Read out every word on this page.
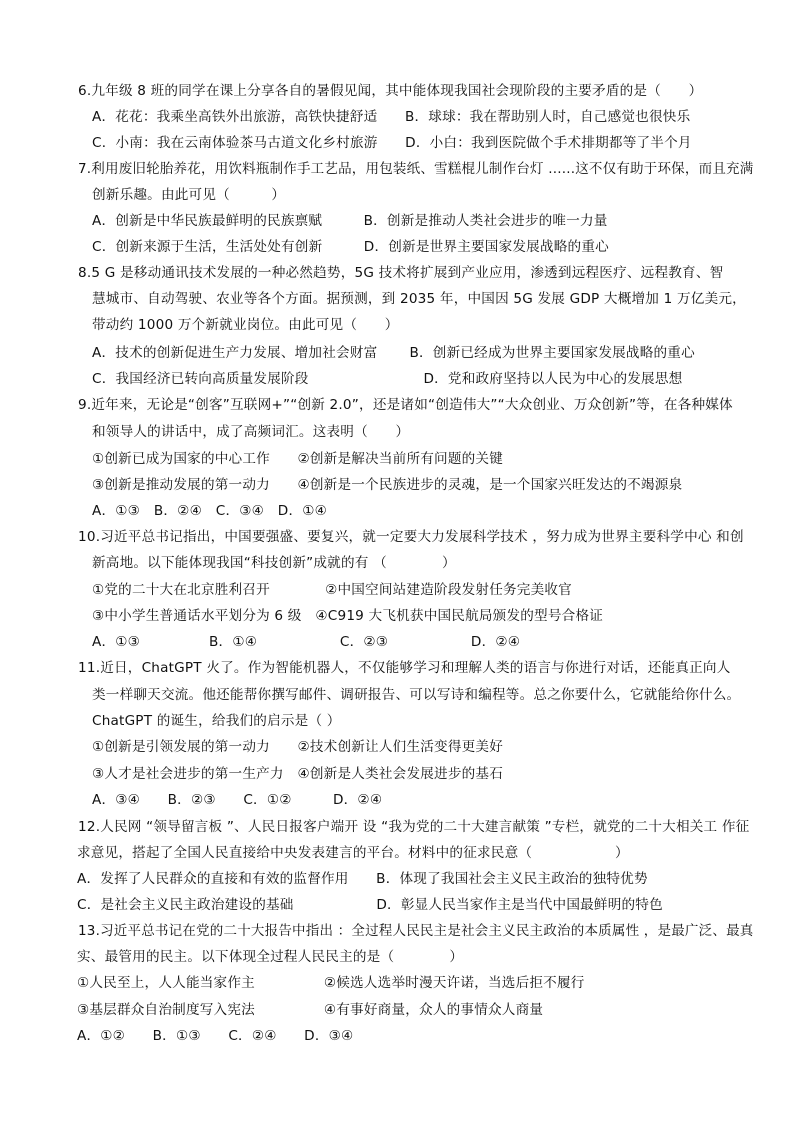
6.九年级 8 班的同学在课上分享各自的暑假见闻，其中能体现我国社会现阶段的主要矛盾的是（　　）
A．花花：我乘坐高铁外出旅游，高铁快捷舒适　　B．球球：我在帮助别人时，自己感觉也很快乐
C．小南：我在云南体验茶马古道文化乡村旅游　　D．小白：我到医院做个手术排期都等了半个月
7.利用废旧轮胎养花，用饮料瓶制作手工艺品，用包装纸、雪糕棍儿制作台灯 ......这不仅有助于环保，而且充满
创新乐趣。由此可见（　　　）
A．创新是中华民族最鲜明的民族禀赋　　　B．创新是推动人类社会进步的唯一力量
C．创新来源于生活，生活处处有创新　　　D．创新是世界主要国家发展战略的重心
8.5 G 是移动通讯技术发展的一种必然趋势，5G 技术将扩展到产业应用，渗透到远程医疗、远程教育、智
慧城市、自动驾驶、农业等各个方面。据预测，到 2035 年，中国因 5G 发展 GDP 大概增加 1 万亿美元，
带动约 1000 万个新就业岗位。由此可见（　　）
A．技术的创新促进生产力发展、增加社会财富　　 B．创新已经成为世界主要国家发展战略的重心
C．我国经济已转向高质量发展阶段　　　　　　　　 D．党和政府坚持以人民为中心的发展思想
9.近年来，无论是“创客”互联网+”“创新 2.0”，还是诸如“创造伟大”“大众创业、万众创新”等，在各种媒体
和领导人的讲话中，成了高频词汇。这表明（　　）
①创新已成为国家的中心工作　　②创新是解决当前所有问题的关键
③创新是推动发展的第一动力　　④创新是一个民族进步的灵魂，是一个国家兴旺发达的不竭源泉
A．①③　B．②④　C．③④　D．①④
10.习近平总书记指出，中国要强盛、要复兴，就一定要大力发展科学技术 ，努力成为世界主要科学中心 和创
新高地。以下能体现我国“科技创新”成就的有 （　　　　）
①党的二十大在北京胜利召开　　　　②中国空间站建造阶段发射任务完美收官
③中小学生普通话水平划分为 6 级　④C919 大飞机获中国民航局颁发的型号合格证
A．①③　　　　　B．①④　　　　　　C．②③　　　　　　D．②④
11.近日，ChatGPT 火了。作为智能机器人，不仅能够学习和理解人类的语言与你进行对话，还能真正向人
类一样聊天交流。他还能帮你撰写邮件、调研报告、可以写诗和编程等。总之你要什么，它就能给你什么。
ChatGPT 的诞生，给我们的启示是（ ）
①创新是引领发展的第一动力　　②技术创新让人们生活变得更美好
③人才是社会进步的第一生产力　④创新是人类社会发展进步的基石
A．③④　　B．②③　　C．①②　　　D．②④
12.人民网 “领导留言板 ”、人民日报客户端开 设 “我为党的二十大建言献策 ”专栏，就党的二十大相关工 作征
求意见，搭起了全国人民直接给中央发表建言的平台。材料中的征求民意（　　　　　　）
A．发挥了人民群众的直接和有效的监督作用　　B．体现了我国社会主义民主政治的独特优势
C．是社会主义民主政治建设的基础　　　　　　D．彰显人民当家作主是当代中国最鲜明的特色
13.习近平总书记在党的二十大报告中指出 ：全过程人民民主是社会主义民主政治的本质属性 ，是最广泛、最真
实、最管用的民主。以下体现全过程人民民主的是（　　　　）
①人民至上，人人能当家作主　　　　　②候选人选举时漫天许诺，当选后拒不履行
③基层群众自治制度写入宪法　　　　　④有事好商量，众人的事情众人商量
A．①②　　B．①③　　C．②④　　D．③④
